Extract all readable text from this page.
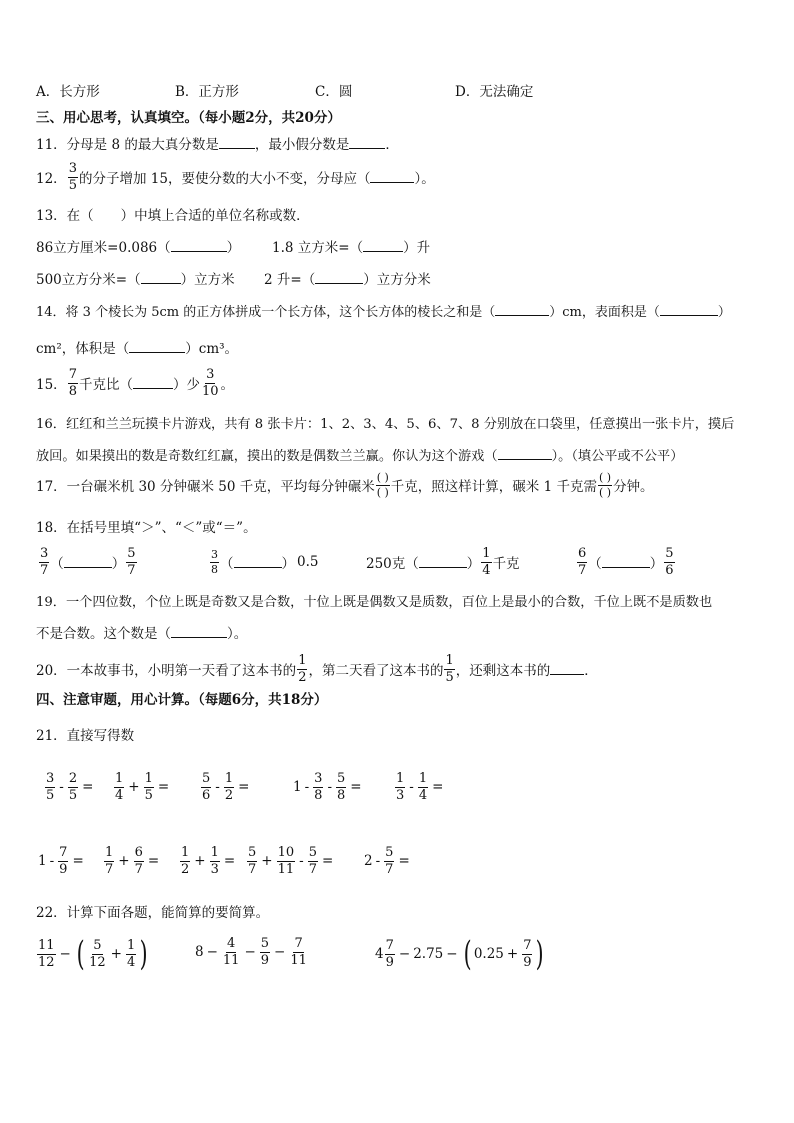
A．长方形	B．正方形	C．圆	D．无法确定
三、用心思考，认真填空。（每小题2分，共20分）
11．分母是 8 的最大真分数是	，最小假分数是	．
12． $\frac{3}{5}$ 的分子增加 15，要使分数的大小不变，分母应（	）。
13．在（　　）中填上合适的单位名称或数．
86立方厘米=0.086（	） 1.8 立方米=（	）升
500立方分米=（	）立方米 2 升=（	）立方分米
14．将 3 个棱长为 5cm 的正方体拼成一个长方体，这个长方体的棱长之和是（	）cm，表面积是（	）
cm²，体积是（	）cm³。
15． $\frac{7}{8}$ 千克比（	）少 $\frac{3}{10}$ 。
16．红红和兰兰玩摸卡片游戏，共有 8 张卡片：1、2、3、4、5、6、7、8 分别放在口袋里，任意摸出一张卡片，摸后
放回。如果摸出的数是奇数红红赢，摸出的数是偶数兰兰赢。你认为这个游戏（	）。（填公平或不公平）
17．一台碾米机 30 分钟碾米 50 千克，平均每分钟碾米 $\frac{( )}{( )}$ 千克，照这样计算，碾米 1 千克需 $\frac{( )}{( )}$ 分钟。
18．在括号里填“＞”、“＜”或“＝”。
$\frac{3}{7}$ （	） $\frac{5}{7}$	$\frac{3}{8}$ （	） 0.5	250克 （	） $\frac{1}{4}$ 千克	$\frac{6}{7}$ （	） $\frac{5}{6}$
19．一个四位数，个位上既是奇数又是合数，十位上既是偶数又是质数，百位上是最小的合数，千位上既不是质数也
不是合数。这个数是（	）。
20．一本故事书，小明第一天看了这本书的 $\frac{1}{2}$ ，第二天看了这本书的 $\frac{1}{5}$ ，还剩这本书的	．
四、注意审题，用心计算。（每题6分，共18分）
21．直接写得数
$\frac{3}{5} - \frac{2}{5} = \frac{1}{4} + \frac{1}{5} = \frac{5}{6} - \frac{1}{2}$ =	$1 - \frac{3}{8} - \frac{5}{8}$ =	$\frac{1}{3} - \frac{1}{4}$ =
$1 - \frac{7}{9} = \frac{1}{7} + \frac{6}{7} = \frac{1}{2} + \frac{1}{3} = \frac{5}{7} + \frac{10}{11} - \frac{5}{7} = 2 - \frac{5}{7}$ =
22．计算下面各题，能简算的要简算。
$\frac{11}{12}$ − ( $\frac{5}{12} + \frac{1}{4}$ )	$8 - \frac{4}{11} - \frac{5}{9} - \frac{7}{11}$	$4 \frac{7}{9} - 2.75$ − ( $0.25 + \frac{7}{9}$ )
